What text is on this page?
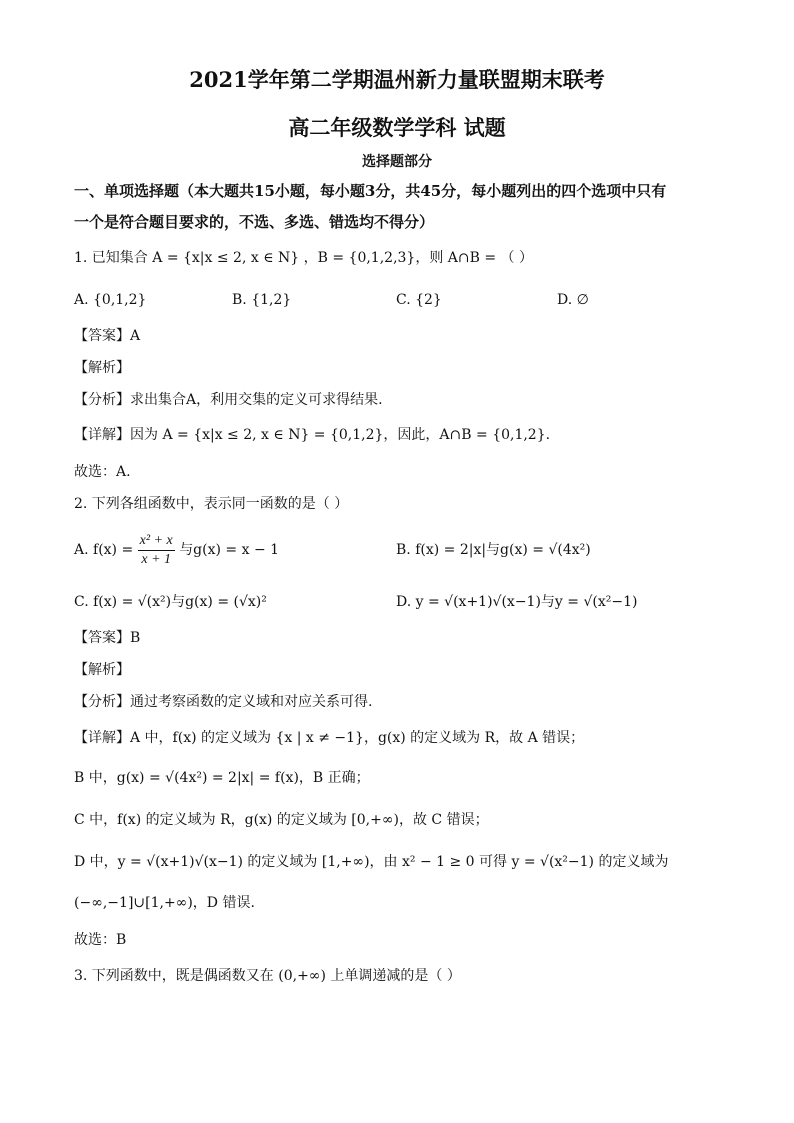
2021学年第二学期温州新力量联盟期末联考
高二年级数学学科 试题
选择题部分
一、单项选择题（本大题共15小题，每小题3分，共45分，每小题列出的四个选项中只有
一个是符合题目要求的，不选、多选、错选均不得分）
1. 已知集合 A = {x|x ≤ 2, x ∈ N} ，B = {0,1,2,3}，则 A∩B = （ ）
A. {0,1,2}	B. {1,2}	C. {2}	D. ∅
【答案】A
【解析】
【分析】求出集合A，利用交集的定义可求得结果.
【详解】因为 A = {x|x ≤ 2, x ∈ N} = {0,1,2}，因此，A∩B = {0,1,2}.
故选：A.
2. 下列各组函数中，表示同一函数的是（ ）
A. $f(x) = \frac{\text{x² + x}}{x + 1}$ 与g(x) = x − 1	B. f(x) = 2|x|与g(x) = √(4x²)
C. f(x) = √(x²)与g(x) = (√x)²	D. y = √(x+1)√(x−1)与y = √(x²−1)
【答案】B
【解析】
【分析】通过考察函数的定义域和对应关系可得.
【详解】A 中，f(x) 的定义域为 {x | x ≠ −1}，g(x) 的定义域为 R，故 A 错误；
B 中，g(x) = √(4x²) = 2|x| = f(x)，B 正确；
C 中，f(x) 的定义域为 R，g(x) 的定义域为 [0,+∞)，故 C 错误；
D 中，y = √(x+1)√(x−1) 的定义域为 [1,+∞)，由 x² − 1 ≥ 0 可得 y = √(x²−1) 的定义域为
(−∞,−1]∪[1,+∞)，D 错误.
故选：B
3. 下列函数中，既是偶函数又在 (0,+∞) 上单调递减的是（ ）
